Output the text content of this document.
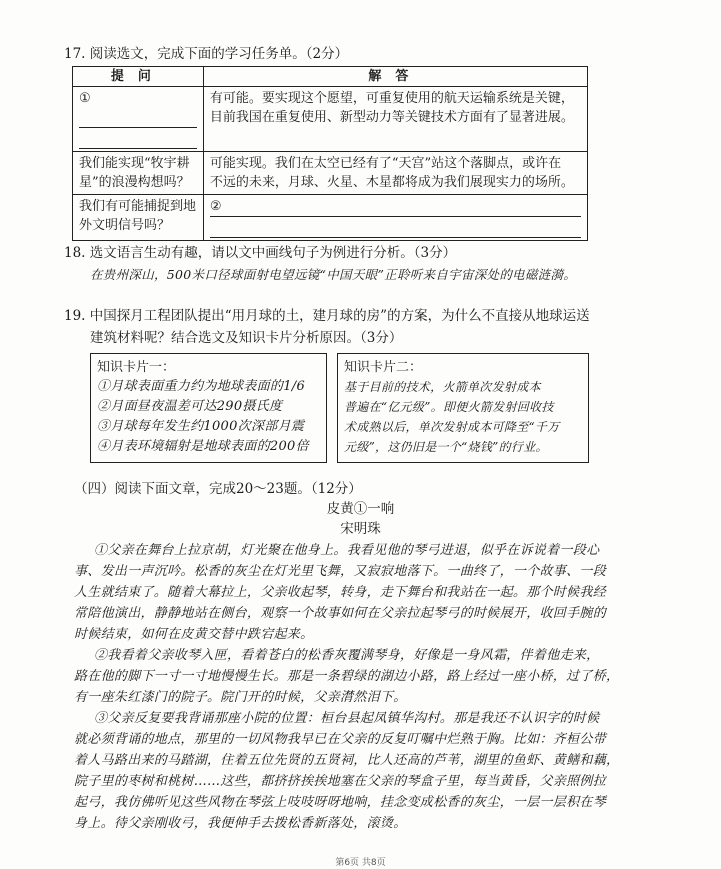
17. 阅读选文，完成下面的学习任务单。（2分）
提问	解答
①	有可能。要实现这个愿望，可重复使用的航天运输系统是关键，
目前我国在重复使用、新型动力等关键技术方面有了显著进展。

我们能实现“牧宇耕
星”的浪漫构想吗？	可能实现。我们在太空已经有了“天宫”站这个落脚点，或许在
不远的未来，月球、火星、木星都将成为我们展现实力的场所。

我们有可能捕捉到地
外文明信号吗？	②
18. 选文语言生动有趣，请以文中画线句子为例进行分析。（3分）
在贵州深山，500米口径球面射电望远镜“中国天眼”正聆听来自宇宙深处的电磁涟漪。
19. 中国探月工程团队提出“用月球的土，建月球的房”的方案，为什么不直接从地球运送
建筑材料呢？结合选文及知识卡片分析原因。（3分）
知识卡片一：
①月球表面重力约为地球表面的1/6
②月面昼夜温差可达290摄氏度
③月球每年发生约1000次深部月震
④月表环境辐射是地球表面的200倍
知识卡片二：
基于目前的技术，火箭单次发射成本
普遍在“亿元级”。即便火箭发射回收技
术成熟以后，单次发射成本可降至“千万
元级”，这仍旧是一个“烧钱”的行业。
（四）阅读下面文章，完成20～23题。（12分）
皮黄①一响
宋明珠
①父亲在舞台上拉京胡，灯光聚在他身上。我看见他的琴弓进退，似乎在诉说着一段心
事、发出一声沉吟。松香的灰尘在灯光里飞舞，又寂寂地落下。一曲终了，一个故事、一段
人生就结束了。随着大幕拉上，父亲收起琴，转身，走下舞台和我站在一起。那个时候我经
常陪他演出，静静地站在侧台，观察一个故事如何在父亲拉起琴弓的时候展开，收回手腕的
时候结束，如何在皮黄交替中跌宕起来。
②我看着父亲收琴入匣，看着苍白的松香灰覆满琴身，好像是一身风霜，伴着他走来，
路在他的脚下一寸一寸地慢慢生长。那是一条碧绿的湖边小路，路上经过一座小桥，过了桥，
有一座朱红漆门的院子。院门开的时候，父亲潸然泪下。
③父亲反复要我背诵那座小院的位置：桓台县起凤镇华沟村。那是我还不认识字的时候
就必须背诵的地点，那里的一切风物我早已在父亲的反复叮嘱中烂熟于胸。比如：齐桓公带
着人马路出来的马踏湖，住着五位先贤的五贤祠，比人还高的芦苇，湖里的鱼虾、黄鳝和藕，
院子里的枣树和桃树……这些，都挤挤挨挨地塞在父亲的琴盒子里，每当黄昏，父亲照例拉
起弓，我仿佛听见这些风物在琴弦上吱吱呀呀地响，挂念变成松香的灰尘，一层一层积在琴
身上。待父亲刚收弓，我便伸手去拨松香新落处，滚烫。
第6页 共8页
